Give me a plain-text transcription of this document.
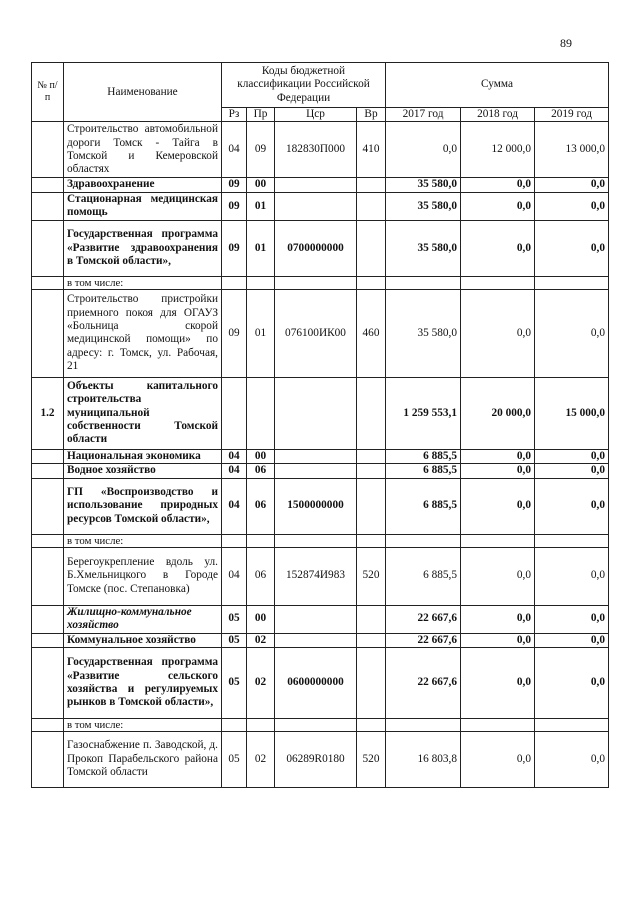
89
№ п/п	Наименование	Коды бюджетной классификации Российской Федерации				Сумма		
		Рз	Пр	Цср	Вр	2017 год	2018 год	2019 год
	Строительство автомобильной дороги Томск - Тайга в Томской и Кемеровской областях	04	09	182830П000	410	0,0	12 000,0	13 000,0
	Здравоохранение	09	00			35 580,0	0,0	0,0
	Стационарная медицинская помощь	09	01			35 580,0	0,0	0,0
	Государственная программа «Развитие здравоохранения в Томской области»,	09	01	0700000000		35 580,0	0,0	0,0
	в том числе:							
	Строительство пристройки приемного покоя для ОГАУЗ «Больница скорой медицинской помощи» по адресу: г. Томск, ул. Рабочая, 21	09	01	076100ИК00	460	35 580,0	0,0	0,0
1.2	Объекты капитального строительства муниципальной собственности Томской области					1 259 553,1	20 000,0	15 000,0
	Национальная экономика	04	00			6 885,5	0,0	0,0
	Водное хозяйство	04	06			6 885,5	0,0	0,0
	ГП «Воспроизводство и использование природных ресурсов Томской области»,	04	06	1500000000		6 885,5	0,0	0,0
	в том числе:							
	Берегоукрепление вдоль ул. Б.Хмельницкого в Городе Томске (пос. Степановка)	04	06	152874И983	520	6 885,5	0,0	0,0
	Жилищно-коммунальное хозяйство	05	00			22 667,6	0,0	0,0
	Коммунальное хозяйство	05	02			22 667,6	0,0	0,0
	Государственная программа «Развитие сельского хозяйства и регулируемых рынков в Томской области»,	05	02	0600000000		22 667,6	0,0	0,0
	в том числе:							
	Газоснабжение п. Заводской, д. Прокоп Парабельского района Томской области	05	02	06289R0180	520	16 803,8	0,0	0,0
